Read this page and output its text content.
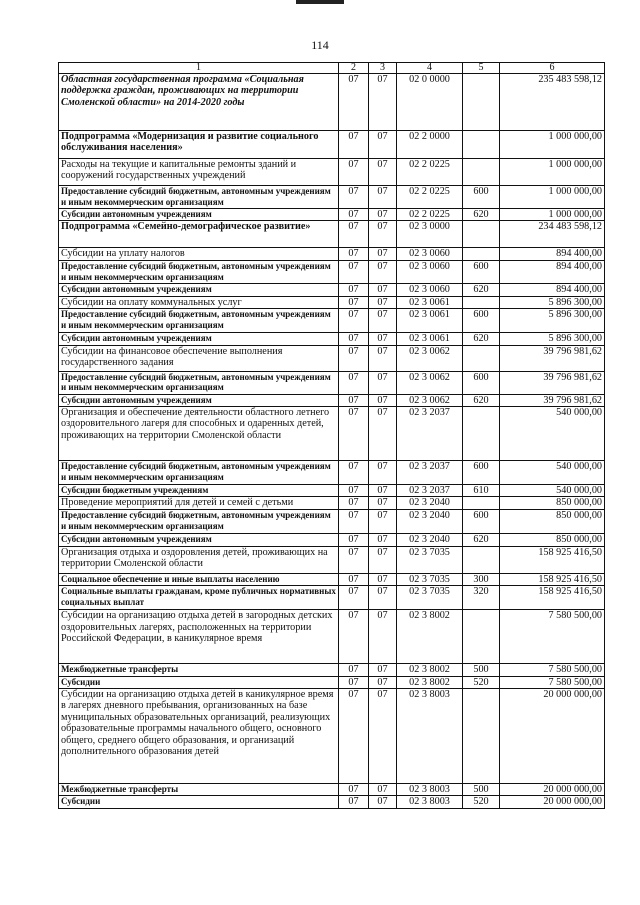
114
1	2	3	4	5	6
Областная государственная программа «Социальная поддержка граждан, проживающих на территории Смоленской области» на 2014-2020 годы	07	07	02 0 0000		235 483 598,12
Подпрограмма «Модернизация и развитие социального обслуживания населения»	07	07	02 2 0000		1 000 000,00
Расходы на текущие и капитальные ремонты зданий и сооружений государственных учреждений	07	07	02 2 0225		1 000 000,00
Предоставление субсидий бюджетным, автономным учреждениям и иным некоммерческим организациям	07	07	02 2 0225	600	1 000 000,00
Субсидии автономным учреждениям	07	07	02 2 0225	620	1 000 000,00
Подпрограмма «Семейно-демографическое развитие»	07	07	02 3 0000		234 483 598,12
Субсидии на уплату налогов	07	07	02 3 0060		894 400,00
Предоставление субсидий бюджетным, автономным учреждениям и иным некоммерческим организациям	07	07	02 3 0060	600	894 400,00
Субсидии автономным учреждениям	07	07	02 3 0060	620	894 400,00
Субсидии на оплату коммунальных услуг	07	07	02 3 0061		5 896 300,00
Предоставление субсидий бюджетным, автономным учреждениям и иным некоммерческим организациям	07	07	02 3 0061	600	5 896 300,00
Субсидии автономным учреждениям	07	07	02 3 0061	620	5 896 300,00
Субсидии на финансовое обеспечение выполнения государственного задания	07	07	02 3 0062		39 796 981,62
Предоставление субсидий бюджетным, автономным учреждениям и иным некоммерческим организациям	07	07	02 3 0062	600	39 796 981,62
Субсидии автономным учреждениям	07	07	02 3 0062	620	39 796 981,62
Организация и обеспечение деятельности областного летнего оздоровительного лагеря для способных и одаренных детей, проживающих на территории Смоленской области	07	07	02 3 2037		540 000,00
Предоставление субсидий бюджетным, автономным учреждениям и иным некоммерческим организациям	07	07	02 3 2037	600	540 000,00
Субсидии бюджетным учреждениям	07	07	02 3 2037	610	540 000,00
Проведение мероприятий для детей и семей с детьми	07	07	02 3 2040		850 000,00
Предоставление субсидий бюджетным, автономным учреждениям и иным некоммерческим организациям	07	07	02 3 2040	600	850 000,00
Субсидии автономным учреждениям	07	07	02 3 2040	620	850 000,00
Организация отдыха и оздоровления детей, проживающих на территории Смоленской области	07	07	02 3 7035		158 925 416,50
Социальное обеспечение и иные выплаты населению	07	07	02 3 7035	300	158 925 416,50
Социальные выплаты гражданам, кроме публичных нормативных социальных выплат	07	07	02 3 7035	320	158 925 416,50
Субсидии на организацию отдыха детей в загородных детских оздоровительных лагерях, расположенных на территории Российской Федерации, в каникулярное время	07	07	02 3 8002		7 580 500,00
Межбюджетные трансферты	07	07	02 3 8002	500	7 580 500,00
Субсидии	07	07	02 3 8002	520	7 580 500,00
Субсидии на организацию отдыха детей в каникулярное время в лагерях дневного пребывания, организованных на базе муниципальных образовательных организаций, реализующих образовательные программы начального общего, основного общего, среднего общего образования, и организаций дополнительного образования детей	07	07	02 3 8003		20 000 000,00
Межбюджетные трансферты	07	07	02 3 8003	500	20 000 000,00
Субсидии	07	07	02 3 8003	520	20 000 000,00
